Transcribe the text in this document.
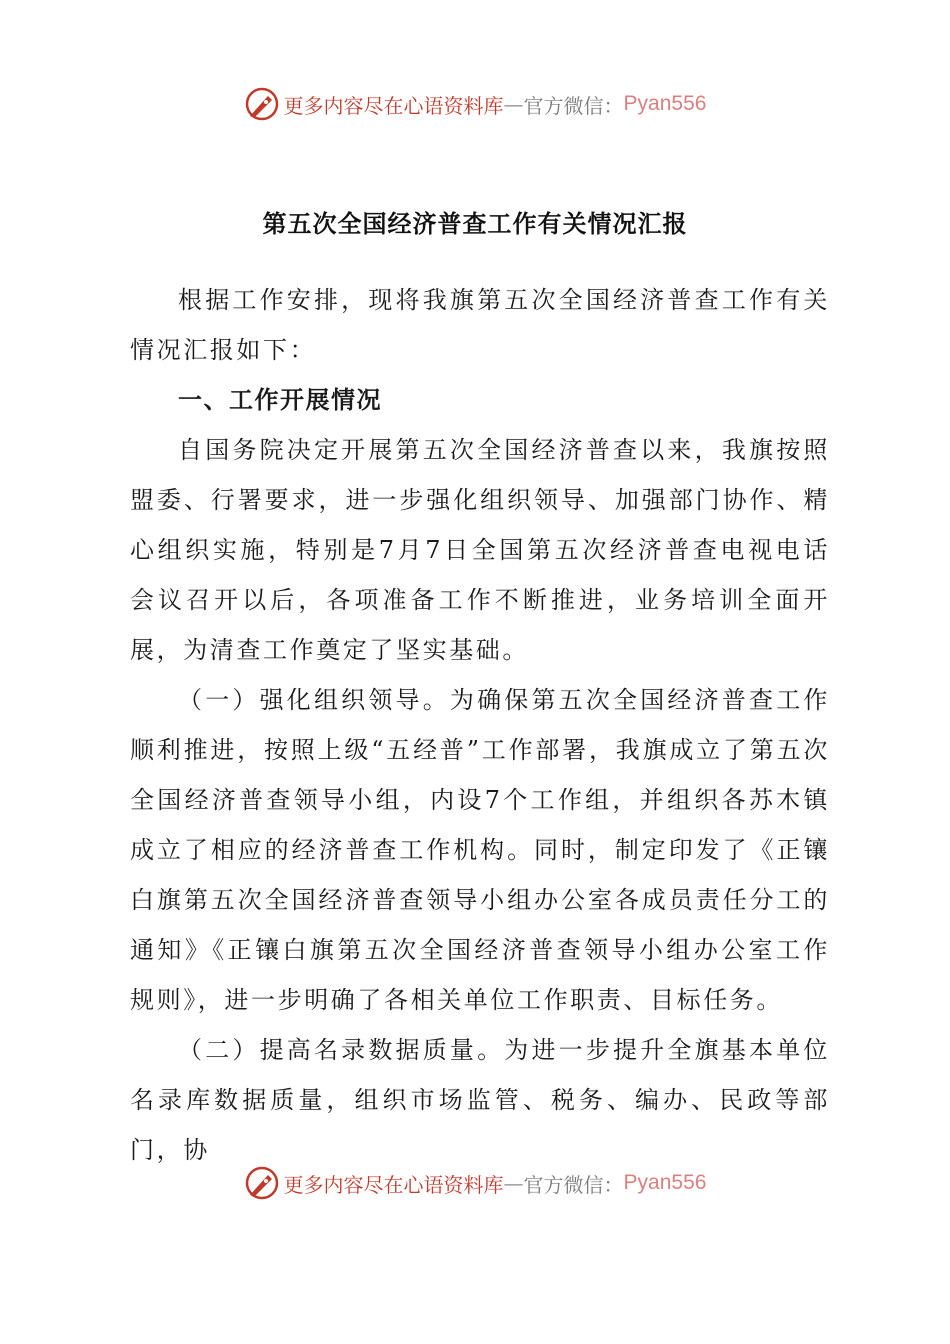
更多内容尽在心语资料库 — 官方微信： Pyan556
第五次全国经济普查工作有关情况汇报

根据工作安排，现将我旗第五次全国经济普查工作有关情况汇报如下：

一、工作开展情况

自国务院决定开展第五次全国经济普查以来，我旗按照盟委、行署要求，进一步强化组织领导、加强部门协作、精心组织实施，特别是7月7日全国第五次经济普查电视电话会议召开以后，各项准备工作不断推进，业务培训全面开展，为清查工作奠定了坚实基础。

（一）强化组织领导。为确保第五次全国经济普查工作顺利推进，按照上级“五经普”工作部署，我旗成立了第五次全国经济普查领导小组，内设7个工作组，并组织各苏木镇成立了相应的经济普查工作机构。同时，制定印发了《正镶白旗第五次全国经济普查领导小组办公室各成员责任分工的通知》《正镶白旗第五次全国经济普查领导小组办公室工作规则》，进一步明确了各相关单位工作职责、目标任务。

（二）提高名录数据质量。为进一步提升全旗基本单位名录库数据质量，组织市场监管、税务、编办、民政等部门，协

更多内容尽在心语资料库 — 官方微信： Pyan556
